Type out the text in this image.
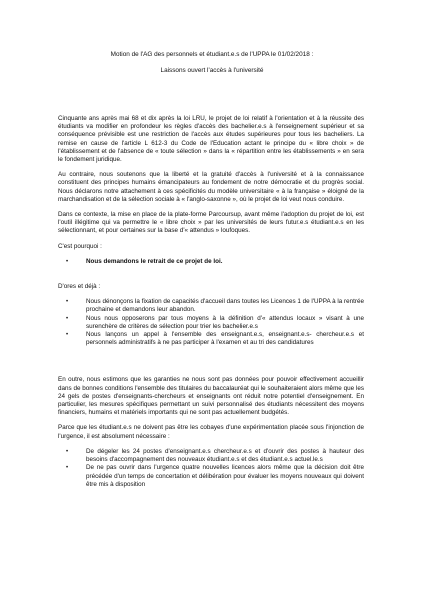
Motion de l'AG des personnels et étudiant.e.s de l'UPPA le 01/02/2018 :

Laissons ouvert l'accès à l'université

Cinquante ans après mai 68 et dix après la loi LRU, le projet de loi relatif à l'orientation et à la réussite des étudiants va modifier en profondeur les règles d'accès des bachelier.e.s à l'enseignement supérieur et sa conséquence prévisible est une restriction de l'accès aux études supérieures pour tous les bacheliers. La remise en cause de l'article L 612-3 du Code de l'Education actant le principe du « libre choix » de l'établissement et de l'absence de « toute sélection » dans la « répartition entre les établissements » en sera le fondement juridique.

Au contraire, nous soutenons que la liberté et la gratuité d'accès à l'université et à la connaissance constituent des principes humains émancipateurs au fondement de notre démocratie et du progrès social. Nous déclarons notre attachement à ces spécificités du modèle universitaire « à la française » éloigné de la marchandisation et de la sélection sociale à « l'anglo-saxonne », où le projet de loi veut nous conduire.

Dans ce contexte, la mise en place de la plate-forme Parcoursup, avant même l'adoption du projet de loi, est l'outil illégitime qui va permettre le « libre choix » par les universités de leurs futur.e.s étudiant.e.s en les sélectionnant, et pour certaines sur la base d'« attendus » loufoques.

C'est pourquoi :

•	Nous demandons le retrait de ce projet de loi.

D'ores et déjà :

•	Nous dénonçons la fixation de capacités d'accueil dans toutes les Licences 1 de l'UPPA à la rentrée prochaine et demandons leur abandon.
•	Nous nous opposerons par tous moyens à la définition d'« attendus locaux » visant à une surenchère de critères de sélection pour trier les bachelier.e.s
•	Nous lançons un appel à l'ensemble des enseignant.e.s, enseignant.e.s- chercheur.e.s et personnels administratifs à ne pas participer à l'examen et au tri des candidatures

En outre, nous estimons que les garanties ne nous sont pas données pour pouvoir effectivement accueillir dans de bonnes conditions l'ensemble des titulaires du baccalauréat qui le souhaiteraient alors même que les 24 gels de postes d'enseignants-chercheurs et enseignants ont réduit notre potentiel d'enseignement. En particulier, les mesures spécifiques permettant un suivi personnalisé des étudiants nécessitent des moyens financiers, humains et matériels importants qui ne sont pas actuellement budgétés.

Parce que les étudiant.e.s ne doivent pas être les cobayes d'une expérimentation placée sous l'injonction de l'urgence, il est absolument nécessaire :

•	De dégeler les 24 postes d'enseignant.e.s chercheur.e.s et d'ouvrir des postes à hauteur des besoins d'accompagnement des nouveaux étudiant.e.s et des étudiant.e.s actuel.le.s
•	De ne pas ouvrir dans l'urgence quatre nouvelles licences alors même que la décision doit être précédée d'un temps de concertation et délibération pour évaluer les moyens nouveaux qui doivent être mis à disposition
